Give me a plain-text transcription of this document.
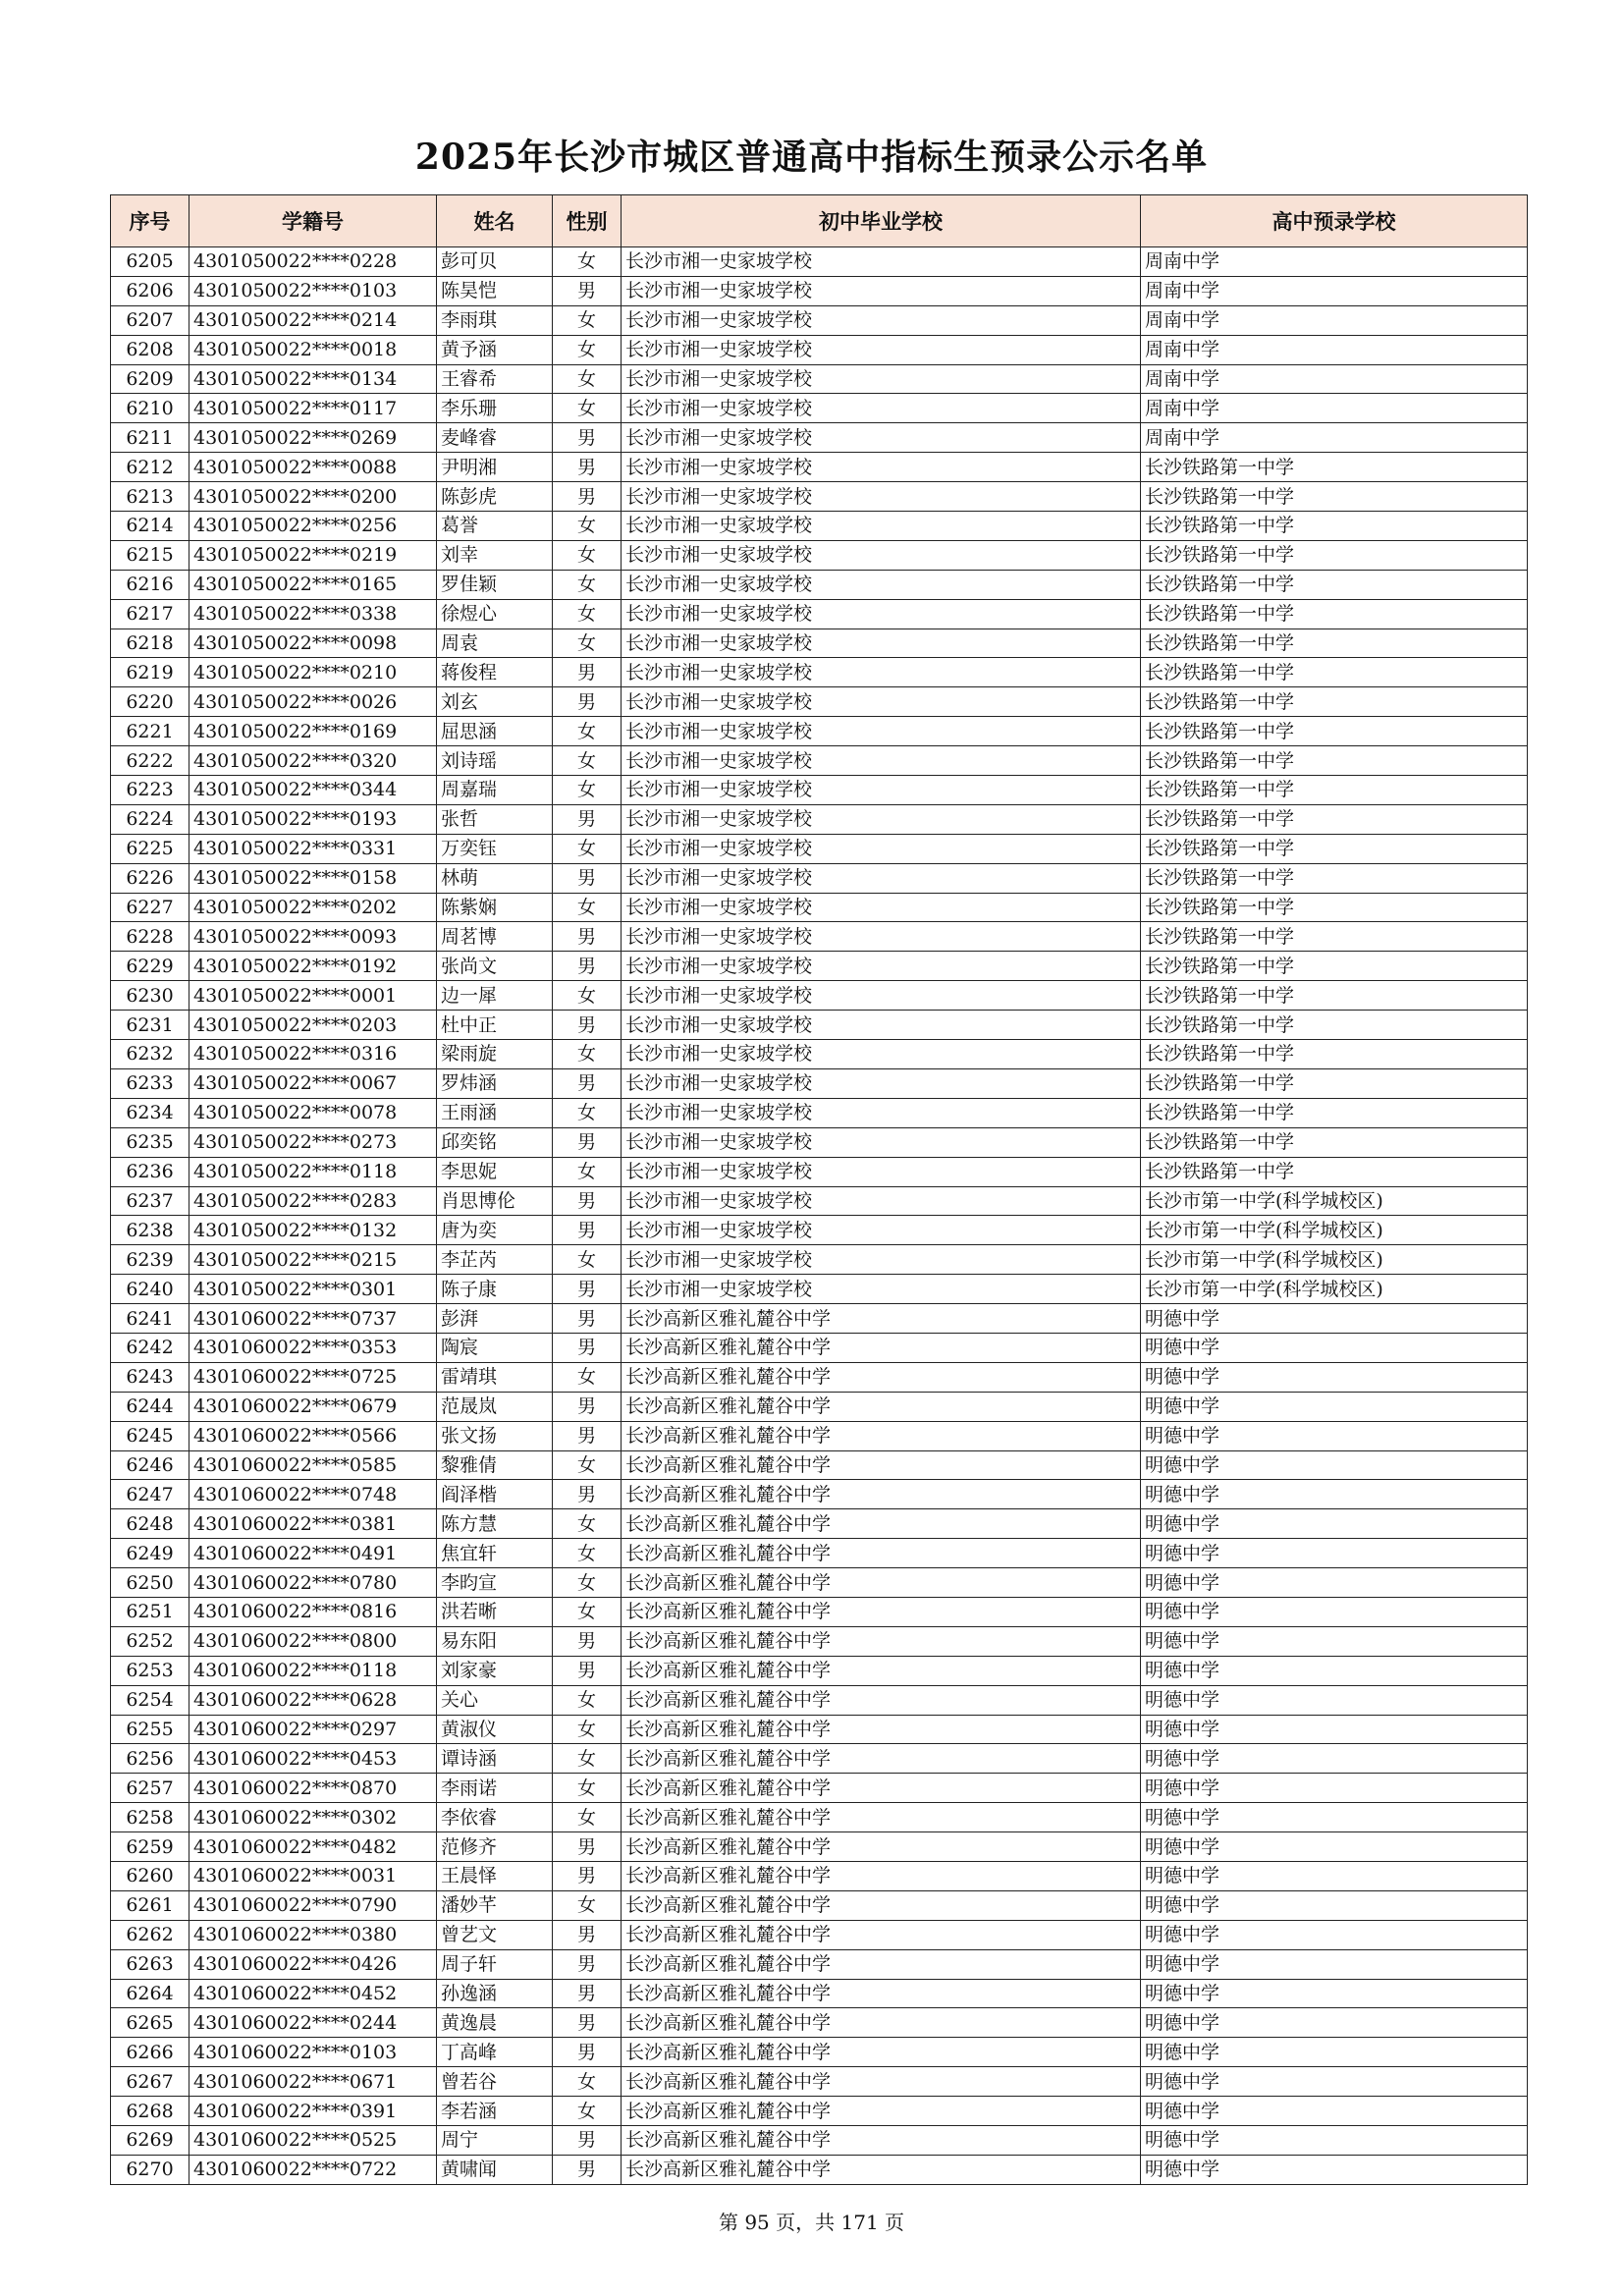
2025年长沙市城区普通高中指标生预录公示名单
序号	学籍号	姓名	性别	初中毕业学校	高中预录学校
6205	4301050022****0228	彭可贝	女	长沙市湘一史家坡学校	周南中学
6206	4301050022****0103	陈昊恺	男	长沙市湘一史家坡学校	周南中学
6207	4301050022****0214	李雨琪	女	长沙市湘一史家坡学校	周南中学
6208	4301050022****0018	黄予涵	女	长沙市湘一史家坡学校	周南中学
6209	4301050022****0134	王睿希	女	长沙市湘一史家坡学校	周南中学
6210	4301050022****0117	李乐珊	女	长沙市湘一史家坡学校	周南中学
6211	4301050022****0269	麦峰睿	男	长沙市湘一史家坡学校	周南中学
6212	4301050022****0088	尹明湘	男	长沙市湘一史家坡学校	长沙铁路第一中学
6213	4301050022****0200	陈彭虎	男	长沙市湘一史家坡学校	长沙铁路第一中学
6214	4301050022****0256	葛誉	女	长沙市湘一史家坡学校	长沙铁路第一中学
6215	4301050022****0219	刘幸	女	长沙市湘一史家坡学校	长沙铁路第一中学
6216	4301050022****0165	罗佳颖	女	长沙市湘一史家坡学校	长沙铁路第一中学
6217	4301050022****0338	徐煜心	女	长沙市湘一史家坡学校	长沙铁路第一中学
6218	4301050022****0098	周袁	女	长沙市湘一史家坡学校	长沙铁路第一中学
6219	4301050022****0210	蒋俊程	男	长沙市湘一史家坡学校	长沙铁路第一中学
6220	4301050022****0026	刘玄	男	长沙市湘一史家坡学校	长沙铁路第一中学
6221	4301050022****0169	屈思涵	女	长沙市湘一史家坡学校	长沙铁路第一中学
6222	4301050022****0320	刘诗瑶	女	长沙市湘一史家坡学校	长沙铁路第一中学
6223	4301050022****0344	周嘉瑞	女	长沙市湘一史家坡学校	长沙铁路第一中学
6224	4301050022****0193	张哲	男	长沙市湘一史家坡学校	长沙铁路第一中学
6225	4301050022****0331	万奕钰	女	长沙市湘一史家坡学校	长沙铁路第一中学
6226	4301050022****0158	林萌	男	长沙市湘一史家坡学校	长沙铁路第一中学
6227	4301050022****0202	陈紫娴	女	长沙市湘一史家坡学校	长沙铁路第一中学
6228	4301050022****0093	周茗博	男	长沙市湘一史家坡学校	长沙铁路第一中学
6229	4301050022****0192	张尚文	男	长沙市湘一史家坡学校	长沙铁路第一中学
6230	4301050022****0001	边一犀	女	长沙市湘一史家坡学校	长沙铁路第一中学
6231	4301050022****0203	杜中正	男	长沙市湘一史家坡学校	长沙铁路第一中学
6232	4301050022****0316	梁雨旋	女	长沙市湘一史家坡学校	长沙铁路第一中学
6233	4301050022****0067	罗炜涵	男	长沙市湘一史家坡学校	长沙铁路第一中学
6234	4301050022****0078	王雨涵	女	长沙市湘一史家坡学校	长沙铁路第一中学
6235	4301050022****0273	邱奕铭	男	长沙市湘一史家坡学校	长沙铁路第一中学
6236	4301050022****0118	李思妮	女	长沙市湘一史家坡学校	长沙铁路第一中学
6237	4301050022****0283	肖思博伦	男	长沙市湘一史家坡学校	长沙市第一中学(科学城校区)
6238	4301050022****0132	唐为奕	男	长沙市湘一史家坡学校	长沙市第一中学(科学城校区)
6239	4301050022****0215	李芷芮	女	长沙市湘一史家坡学校	长沙市第一中学(科学城校区)
6240	4301050022****0301	陈子康	男	长沙市湘一史家坡学校	长沙市第一中学(科学城校区)
6241	4301060022****0737	彭湃	男	长沙高新区雅礼麓谷中学	明德中学
6242	4301060022****0353	陶宸	男	长沙高新区雅礼麓谷中学	明德中学
6243	4301060022****0725	雷靖琪	女	长沙高新区雅礼麓谷中学	明德中学
6244	4301060022****0679	范晟岚	男	长沙高新区雅礼麓谷中学	明德中学
6245	4301060022****0566	张文扬	男	长沙高新区雅礼麓谷中学	明德中学
6246	4301060022****0585	黎雅倩	女	长沙高新区雅礼麓谷中学	明德中学
6247	4301060022****0748	阎泽楷	男	长沙高新区雅礼麓谷中学	明德中学
6248	4301060022****0381	陈方慧	女	长沙高新区雅礼麓谷中学	明德中学
6249	4301060022****0491	焦宜轩	女	长沙高新区雅礼麓谷中学	明德中学
6250	4301060022****0780	李昀宣	女	长沙高新区雅礼麓谷中学	明德中学
6251	4301060022****0816	洪若晰	女	长沙高新区雅礼麓谷中学	明德中学
6252	4301060022****0800	易东阳	男	长沙高新区雅礼麓谷中学	明德中学
6253	4301060022****0118	刘家豪	男	长沙高新区雅礼麓谷中学	明德中学
6254	4301060022****0628	关心	女	长沙高新区雅礼麓谷中学	明德中学
6255	4301060022****0297	黄淑仪	女	长沙高新区雅礼麓谷中学	明德中学
6256	4301060022****0453	谭诗涵	女	长沙高新区雅礼麓谷中学	明德中学
6257	4301060022****0870	李雨诺	女	长沙高新区雅礼麓谷中学	明德中学
6258	4301060022****0302	李依睿	女	长沙高新区雅礼麓谷中学	明德中学
6259	4301060022****0482	范修齐	男	长沙高新区雅礼麓谷中学	明德中学
6260	4301060022****0031	王晨怿	男	长沙高新区雅礼麓谷中学	明德中学
6261	4301060022****0790	潘妙芊	女	长沙高新区雅礼麓谷中学	明德中学
6262	4301060022****0380	曾艺文	男	长沙高新区雅礼麓谷中学	明德中学
6263	4301060022****0426	周子轩	男	长沙高新区雅礼麓谷中学	明德中学
6264	4301060022****0452	孙逸涵	男	长沙高新区雅礼麓谷中学	明德中学
6265	4301060022****0244	黄逸晨	男	长沙高新区雅礼麓谷中学	明德中学
6266	4301060022****0103	丁高峰	男	长沙高新区雅礼麓谷中学	明德中学
6267	4301060022****0671	曾若谷	女	长沙高新区雅礼麓谷中学	明德中学
6268	4301060022****0391	李若涵	女	长沙高新区雅礼麓谷中学	明德中学
6269	4301060022****0525	周宁	男	长沙高新区雅礼麓谷中学	明德中学
6270	4301060022****0722	黄啸闻	男	长沙高新区雅礼麓谷中学	明德中学
第 95 页，共 171 页
